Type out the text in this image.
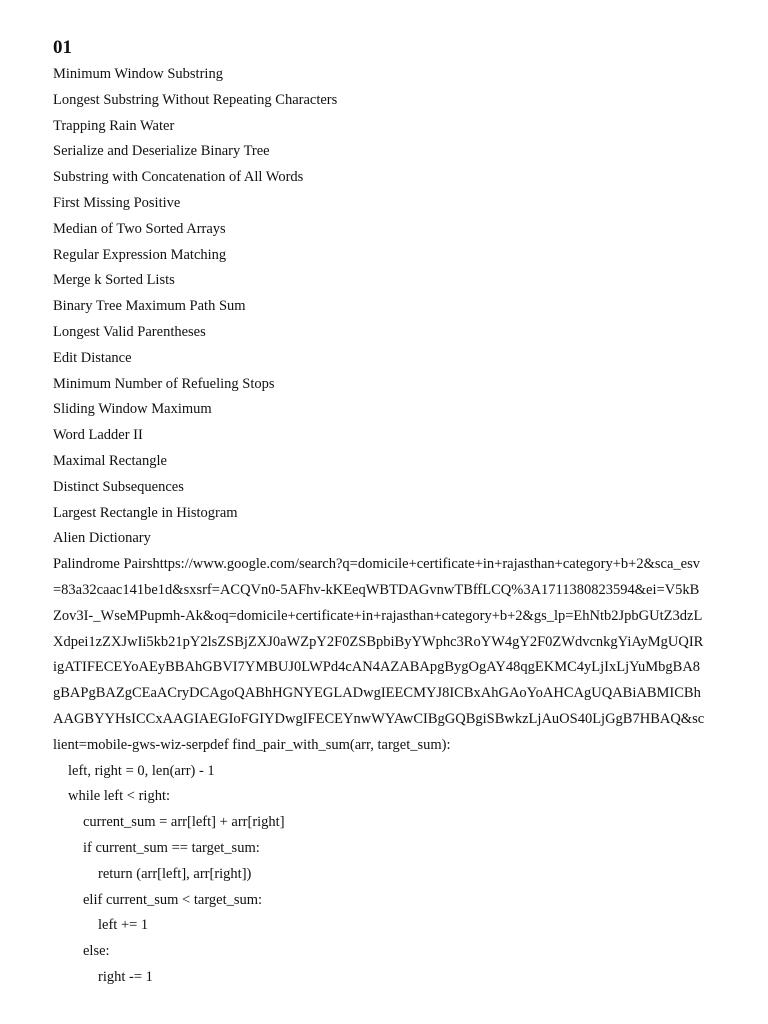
01
Minimum Window Substring
Longest Substring Without Repeating Characters
Trapping Rain Water
Serialize and Deserialize Binary Tree
Substring with Concatenation of All Words
First Missing Positive
Median of Two Sorted Arrays
Regular Expression Matching
Merge k Sorted Lists
Binary Tree Maximum Path Sum
Longest Valid Parentheses
Edit Distance
Minimum Number of Refueling Stops
Sliding Window Maximum
Word Ladder II
Maximal Rectangle
Distinct Subsequences
Largest Rectangle in Histogram
Alien Dictionary
Palindrome Pairshttps://www.google.com/search?q=domicile+certificate+in+rajasthan+category+b+2&sca_esv
=83a32caac141be1d&sxsrf=ACQVn0-5AFhv-kKEeqWBTDAGvnwTBffLCQ%3A1711380823594&ei=V5kB
Zov3I-_WseMPupmh-Ak&oq=domicile+certificate+in+rajasthan+category+b+2&gs_lp=EhNtb2JpbGUtZ3dzL
Xdpei1zZXJwIi5kb21pY2lsZSBjZXJ0aWZpY2F0ZSBpbiByYWphc3RoYW4gY2F0ZWdvcnkgYiAyMgUQIR
igATIFECEYoAEyBBAhGBVI7YMBUJ0LWPd4cAN4AZABApgBygOgAY48qgEKMC4yLjIxLjYuMbgBA8
gBAPgBAZgCEaACryDCAgoQABhHGNYEGLADwgIEECMYJ8ICBxAhGAoYoAHCAgUQABiABMICBh
AAGBYYHsICCxAAGIAEGIoFGIYDwgIFECEYnwWYAwCIBgGQBgiSBwkzLjAuOS40LjGgB7HBAQ&sc
lient=mobile-gws-wiz-serpdef find_pair_with_sum(arr, target_sum):
left, right = 0, len(arr) - 1
while left < right:
current_sum = arr[left] + arr[right]
if current_sum == target_sum:
return (arr[left], arr[right])
elif current_sum < target_sum:
left += 1
else:
right -= 1
